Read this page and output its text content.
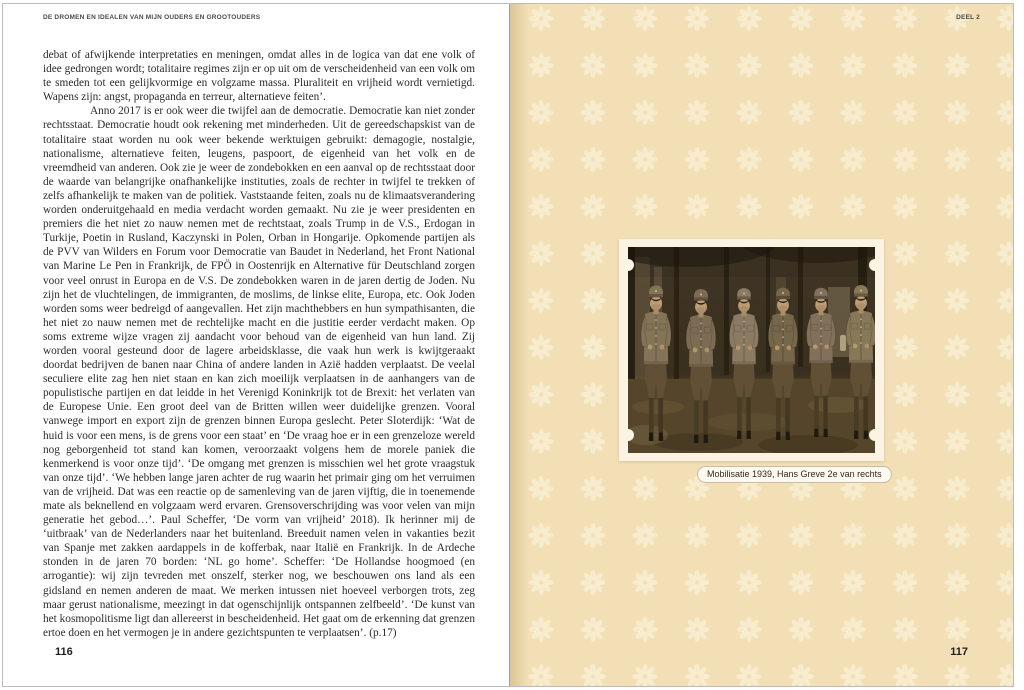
DE DROMEN EN IDEALEN VAN MIJN OUDERS EN GROOTOUDERS

debat of afwijkende interpretaties en meningen, omdat alles in de logica van dat ene volk of idee gedrongen wordt; totalitaire regimes zijn er op uit om de verscheidenheid van een volk om te smeden tot een gelijkvormige en volgzame massa. Pluraliteit en vrijheid wordt vernietigd. Wapens zijn: angst, propaganda en terreur, alternatieve feiten’.

Anno 2017 is er ook weer die twijfel aan de democratie. Democratie kan niet zonder rechtsstaat. Democratie houdt ook rekening met minderheden. Uit de gereedschapskist van de totalitaire staat worden nu ook weer bekende werktuigen gebruikt: demagogie, nostalgie, nationalisme, alternatieve feiten, leugens, paspoort, de eigenheid van het volk en de vreemdheid van anderen. Ook zie je weer de zondebokken en een aanval op de rechtsstaat door de waarde van belangrijke onafhankelijke instituties, zoals de rechter in twijfel te trekken of zelfs afhankelijk te maken van de politiek. Vaststaande feiten, zoals nu de klimaatsverandering worden onderuitgehaald en media verdacht worden gemaakt. Nu zie je weer presidenten en premiers die het niet zo nauw nemen met de rechtstaat, zoals Trump in de V.S., Erdogan in Turkije, Poetin in Rusland, Kaczynski in Polen, Orban in Hongarije. Opkomende partijen als de PVV van Wilders en Forum voor Democratie van Baudet in Nederland, het Front National van Marine Le Pen in Frankrijk, de FPÖ in Oostenrijk en Alternative für Deutschland zorgen voor veel onrust in Europa en de V.S. De zondebokken waren in de jaren dertig de Joden. Nu zijn het de vluchtelingen, de immigranten, de moslims, de linkse elite, Europa, etc. Ook Joden worden soms weer bedreigd of aangevallen. Het zijn machthebbers en hun sympathisanten, die het niet zo nauw nemen met de rechtelijke macht en die justitie eerder verdacht maken. Op soms extreme wijze vragen zij aandacht voor behoud van de eigenheid van hun land. Zij worden vooral gesteund door de lagere arbeidsklasse, die vaak hun werk is kwijtgeraakt doordat bedrijven de banen naar China of andere landen in Azië hadden verplaatst. De veelal seculiere elite zag hen niet staan en kan zich moeilijk verplaatsen in de aanhangers van de populistische partijen en dat leidde in het Verenigd Koninkrijk tot de Brexit: het verlaten van de Europese Unie. Een groot deel van de Britten willen weer duidelijke grenzen. Vooral vanwege import en export zijn de grenzen binnen Europa geslecht. Peter Sloterdijk: ‘Wat de huid is voor een mens, is de grens voor een staat’ en ‘De vraag hoe er in een grenzeloze wereld nog geborgenheid tot stand kan komen, veroorzaakt volgens hem de morele paniek die kenmerkend is voor onze tijd’. ‘De omgang met grenzen is misschien wel het grote vraagstuk van onze tijd’. ‘We hebben lange jaren achter de rug waarin het primair ging om het verruimen van de vrijheid. Dat was een reactie op de samenleving van de jaren vijftig, die in toenemende mate als beknellend en volgzaam werd ervaren. Grensoverschrijding was voor velen van mijn generatie het gebod…’. Paul Scheffer, ‘De vorm van vrijheid’ 2018). Ik herinner mij de ‘uitbraak’ van de Nederlanders naar het buitenland. Breeduit namen velen in vakanties bezit van Spanje met zakken aardappels in de kofferbak, naar Italië en Frankrijk. In de Ardeche stonden in de jaren 70 borden: ‘NL go home’. Scheffer: ‘De Hollandse hoogmoed (en arrogantie): wij zijn tevreden met onszelf, sterker nog, we beschouwen ons land als een gidsland en nemen anderen de maat. We merken intussen niet hoeveel verborgen trots, zeg maar gerust nationalisme, meezingt in dat ogenschijnlijk ontspannen zelfbeeld’. ‘De kunst van het kosmopolitisme ligt dan allereerst in bescheidenheid. Het gaat om de erkenning dat grenzen ertoe doen en het vermogen je in andere gezichtspunten te verplaatsen’. (p.17)

116
DEEL 2
Mobilisatie 1939, Hans Greve 2e van rechts
117
